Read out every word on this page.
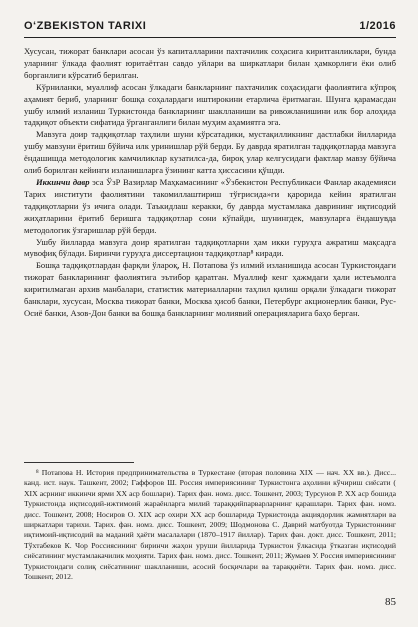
O‘ZBEKISTON TARIXI	1/2016

Хусусан, тижорат банклари асосан ўз капиталларини пахтачилик соҳасига киритганликлари, бунда уларнинг ўлкада фаолият юритаётган савдо уйлари ва ширкатлари билан ҳамкорлиги ёки олиб борганлиги кўрсатиб берилган.

Кўрниланки, муаллиф асосан ўлкадаги банкларнинг пахтачилик соҳасидаги фаолиятига кўпроқ аҳамият бериб, уларнинг бошқа соҳалардаги иштирокини етарлича ёритмаган. Шунга қарамасдан ушбу илмий изланиш Туркистонда банкларнинг шаклланиши ва ривожланишини илк бор алоҳида тадқиқот объекти сифатида ўрганганлиги билан муҳим аҳамиятга эга.

Мавзуга доир тадқиқотлар таҳлили шуни кўрсатадики, мустақилликнинг дастлабки йилларида ушбу мавзуни ёритиш бўйича илк уринишлар рўй берди. Бу даврда яратилган тадқиқотларда мавзуга ёндашишда методологик камчиликлар кузатилса-да, бироқ улар келгусидаги фактлар мавзу бўйича олиб борилган кейинги изланишларга ўзининг катта ҳиссасини қўшди.

Иккинчи давр эса ЎзР Вазирлар Маҳкамасининг «Ўзбекистон Республикаси Фанлар академияси Тарих институти фаолиятини такомиллаштириш тўғрисида»ги қарорида кейин яратилган тадқиқотларни ўз ичига олади. Таъкидлаш керакки, бу даврда мустамлака даврининг иқтисодий жиҳатларини ёритиб беришга тадқиқотлар сони кўпайди, шунингдек, мавзуларга ёндашувда методологик ўзгаришлар рўй берди.

Ушбу йилларда мавзуга доир яратилган тадқиқотларни ҳам икки гуруҳга ажратиш мақсадга мувофиқ бўлади. Биринчи гуруҳга диссертацион тадқиқотлар⁸ киради.

Бошқа тадқиқотлардан фарқли ўлароқ, Н. Потапова ўз илмий изланишида асосан Туркистондаги тижорат банкларининг фаолиятига эътибор қаратган. Муаллиф кенг ҳажмдаги ҳали истеъмолга киритилмаган архив манбалари, статистик материалларни таҳлил қилиш орқали ўлкадаги тижорат банклари, хусусан, Москва тижорат банки, Москва ҳисоб банки, Петербург акционерлик банки, Рус-Осиё банки, Азов-Дон банки ва бошқа банкларнинг молиявий операцияларига баҳо берган.

⁸ Потапова Н. История предпринимательства в Туркестане (вторая половина XIX — нач. XX вв.). Дисс... канд. ист. наук. Ташкент, 2002; Гаффоров Ш. Россия империясининг Туркистонга аҳолини кўчириш сиёсати ( XIX асрнинг иккинчи ярми XX аср бошлари). Тарих фан. номз. дисс. Тошкент, 2003; Турсунов Р. XX аср бошида Туркистонда иқтисодий-ижтимоий жараёнларга милий тараққийпарварларнинг қарашлари. Тарих фан. номз. дисс. Тошкент, 2008; Носиров О. XIX аср охири XX аср бошларида Туркистонда акциядорлик жамиятлари ва ширкатлари тарихи. Тарих. фан. номз. дисс. Тошкент, 2009; Шодмонова С. Даврий матбуотда Туркистоннинг иқтимоий-иқтисодий ва маданий ҳаёти масалалари (1870–1917 йиллар). Тарих фан. докт. дисс. Тошкент, 2011; Тўхтабеков К. Чор Россиясининг биринчи жаҳон уруши йилларида Туркистон ўлкасида ўтказган иқтисодий сиёсатининг мустамлакачилик моҳияти. Тарих фан. номз. дисс. Тошкент, 2011; Жумаев У. Россия империясининг Туркистондаги солиқ сиёсатининг шаклланиши, асосий босқичлари ва тараққиёти. Тарих фан. номз. дисс. Тошкент, 2012.

85
